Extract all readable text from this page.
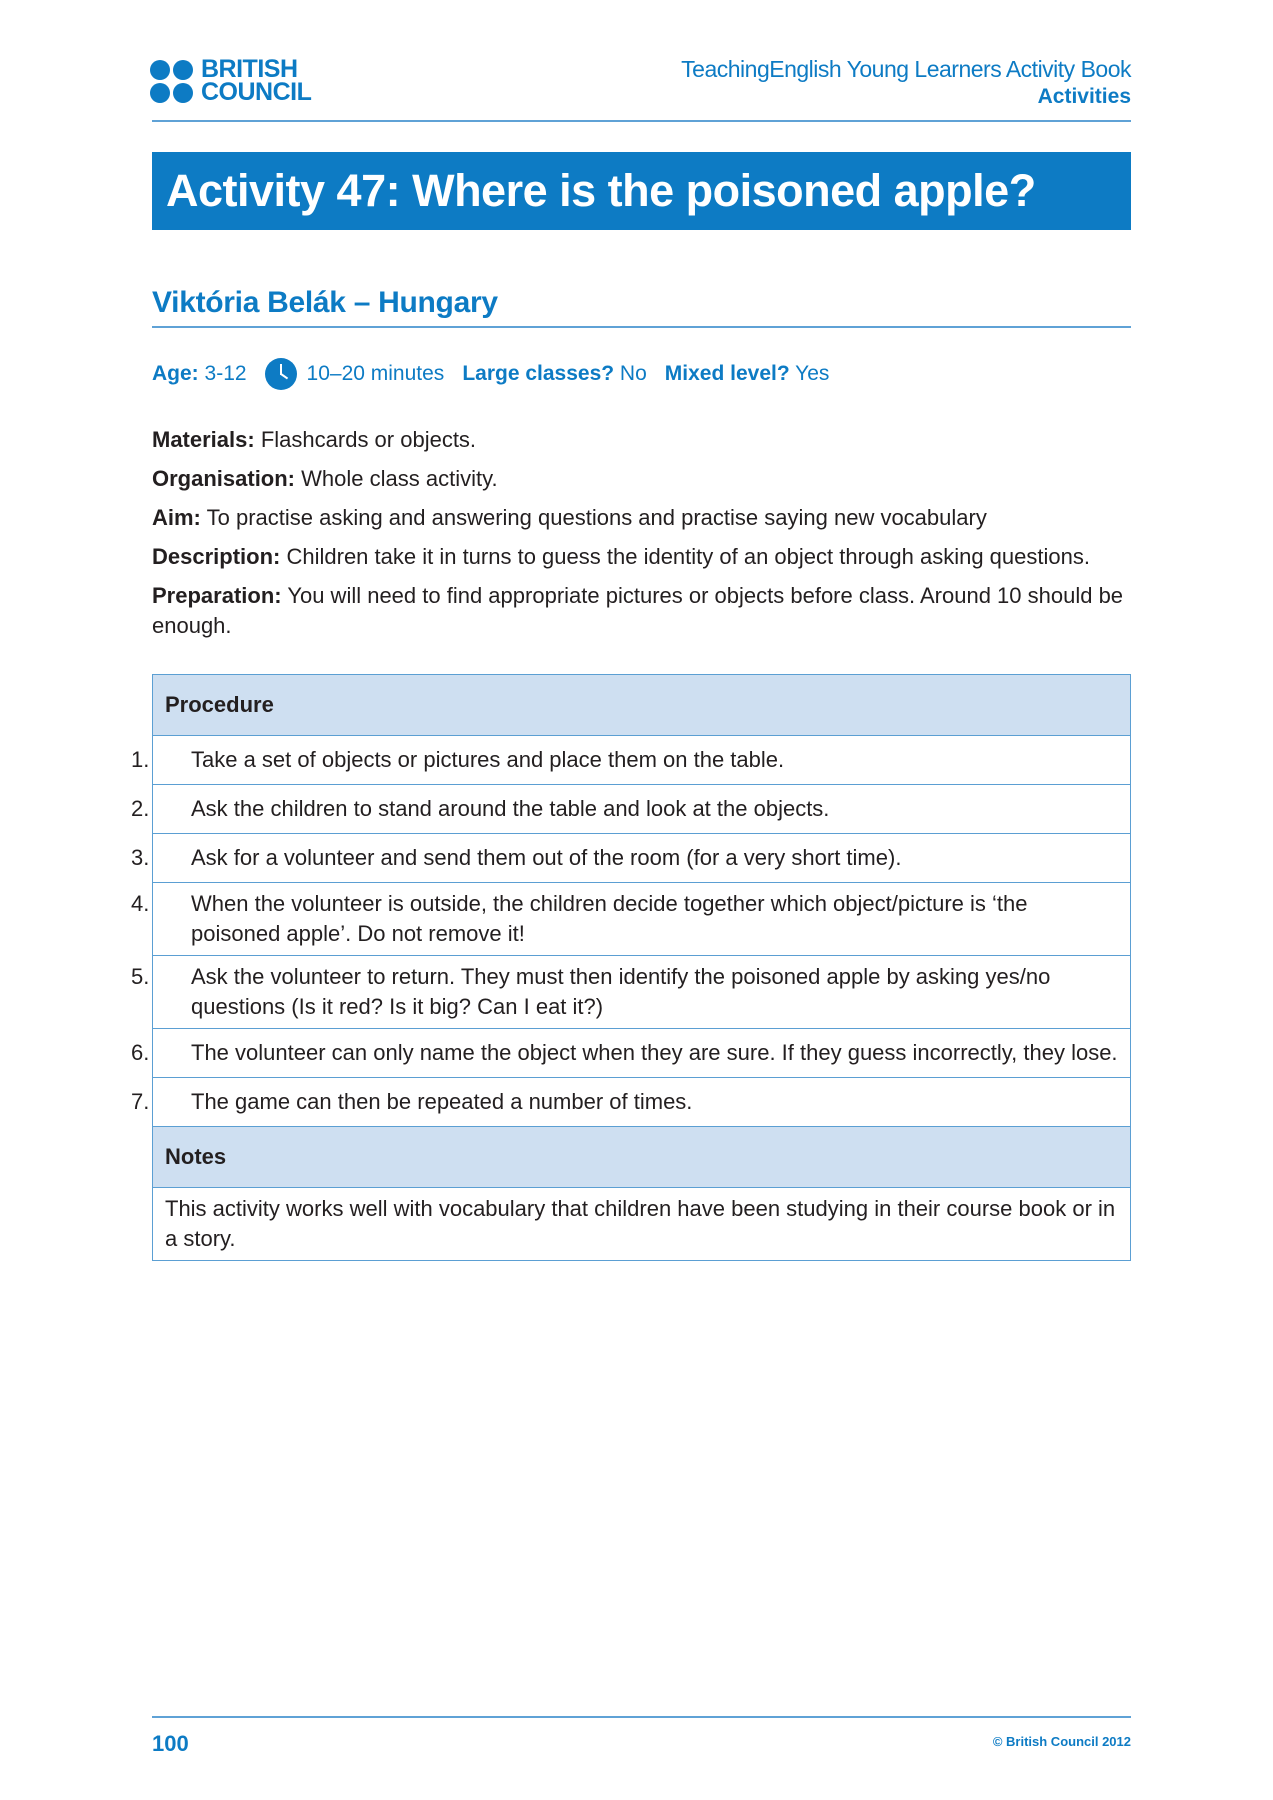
BRITISH
COUNCIL
TeachingEnglish Young Learners Activity Book
Activities
Activity 47: Where is the poisoned apple?
Viktória Belák – Hungary
Age: 3-12	10–20 minutes Large classes? No Mixed level? Yes

Materials: Flashcards or objects.

Organisation: Whole class activity.

Aim: To practise asking and answering questions and practise saying new vocabulary

Description: Children take it in turns to guess the identity of an object through asking questions.

Preparation: You will need to find appropriate pictures or objects before class. Around 10 should be enough.

Procedure
1. Take a set of objects or pictures and place them on the table.
2. Ask the children to stand around the table and look at the objects.
3. Ask for a volunteer and send them out of the room (for a very short time).
4. When the volunteer is outside, the children decide together which object/picture is ‘the poisoned apple’. Do not remove it!
5. Ask the volunteer to return. They must then identify the poisoned apple by asking yes/no questions (Is it red? Is it big? Can I eat it?)
6. The volunteer can only name the object when they are sure. If they guess incorrectly, they lose.
7. The game can then be repeated a number of times.
Notes
This activity works well with vocabulary that children have been studying in their course book or in a story.
100	© British Council 2012
